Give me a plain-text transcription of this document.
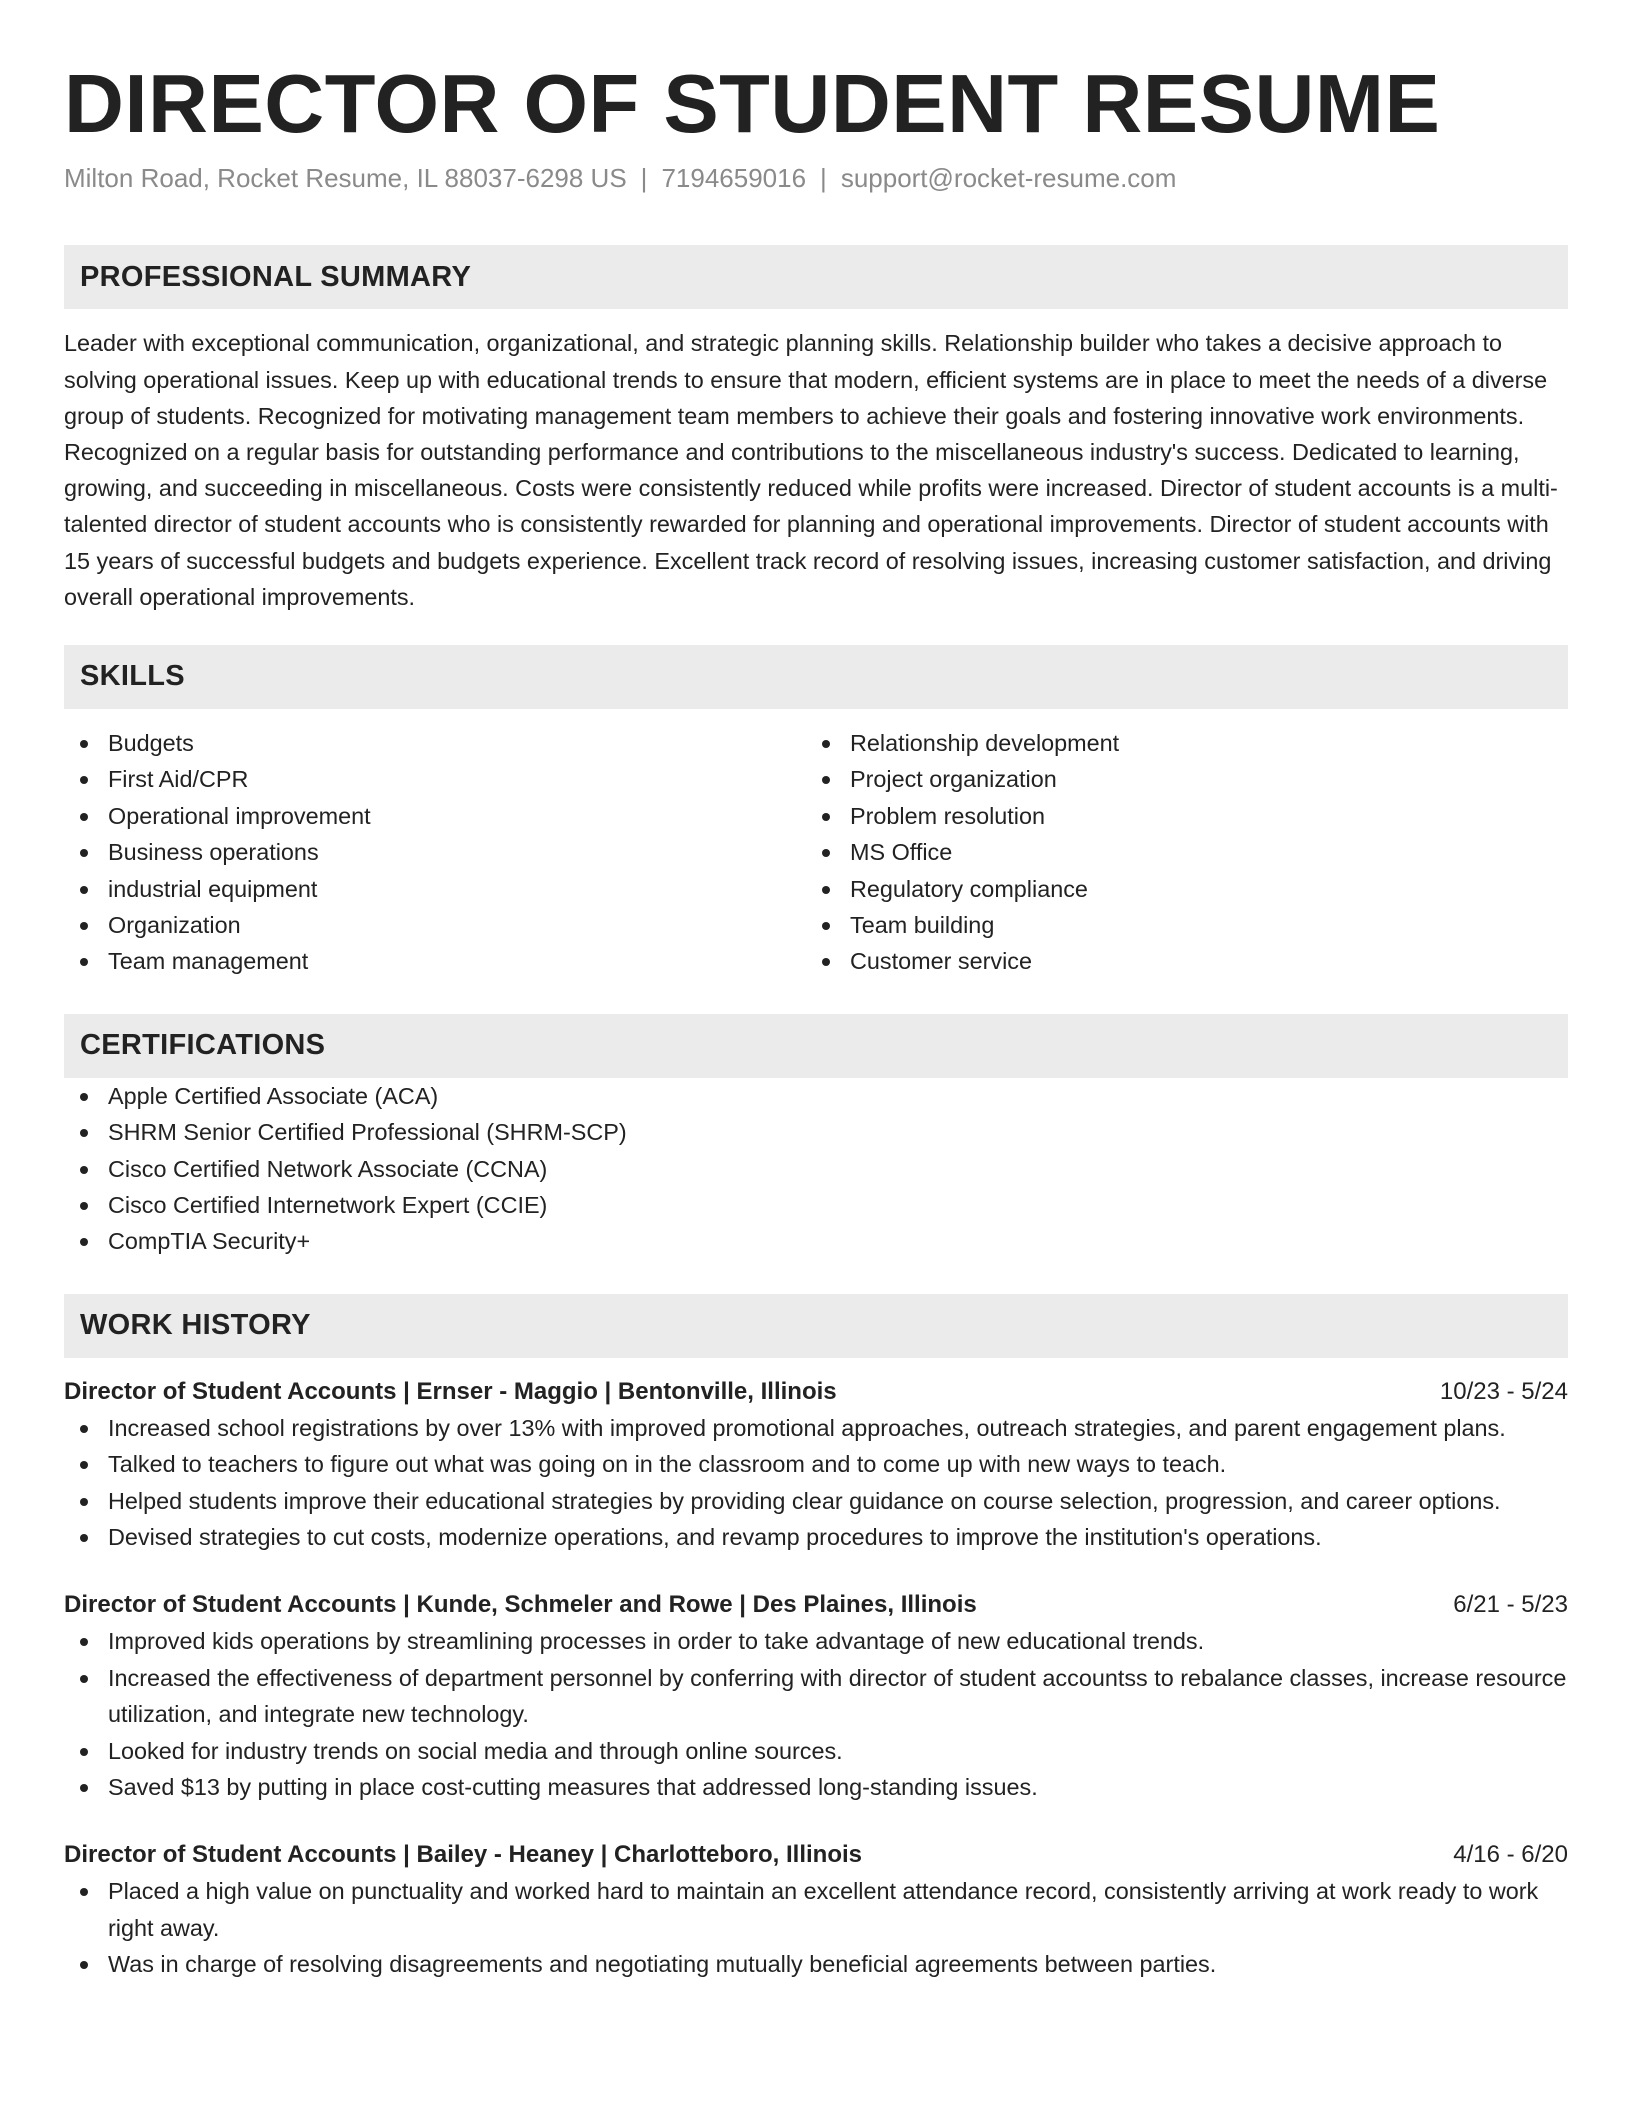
DIRECTOR OF STUDENT RESUME
Milton Road, Rocket Resume, IL 88037-6298 US | 7194659016 | support@rocket-resume.com
PROFESSIONAL SUMMARY
Leader with exceptional communication, organizational, and strategic planning skills. Relationship builder who takes a decisive approach to solving operational issues. Keep up with educational trends to ensure that modern, efficient systems are in place to meet the needs of a diverse group of students. Recognized for motivating management team members to achieve their goals and fostering innovative work environments. Recognized on a regular basis for outstanding performance and contributions to the miscellaneous industry's success. Dedicated to learning, growing, and succeeding in miscellaneous. Costs were consistently reduced while profits were increased. Director of student accounts is a multi-talented director of student accounts who is consistently rewarded for planning and operational improvements. Director of student accounts with 15 years of successful budgets and budgets experience. Excellent track record of resolving issues, increasing customer satisfaction, and driving overall operational improvements.
SKILLS
Budgets
First Aid/CPR
Operational improvement
Business operations
industrial equipment
Organization
Team management
Relationship development
Project organization
Problem resolution
MS Office
Regulatory compliance
Team building
Customer service
CERTIFICATIONS
Apple Certified Associate (ACA)
SHRM Senior Certified Professional (SHRM-SCP)
Cisco Certified Network Associate (CCNA)
Cisco Certified Internetwork Expert (CCIE)
CompTIA Security+
WORK HISTORY
Director of Student Accounts | Ernser - Maggio | Bentonville, Illinois	10/23 - 5/24
Increased school registrations by over 13% with improved promotional approaches, outreach strategies, and parent engagement plans.
Talked to teachers to figure out what was going on in the classroom and to come up with new ways to teach.
Helped students improve their educational strategies by providing clear guidance on course selection, progression, and career options.
Devised strategies to cut costs, modernize operations, and revamp procedures to improve the institution's operations.
Director of Student Accounts | Kunde, Schmeler and Rowe | Des Plaines, Illinois	6/21 - 5/23
Improved kids operations by streamlining processes in order to take advantage of new educational trends.
Increased the effectiveness of department personnel by conferring with director of student accountss to rebalance classes, increase resource utilization, and integrate new technology.
Looked for industry trends on social media and through online sources.
Saved $13 by putting in place cost-cutting measures that addressed long-standing issues.
Director of Student Accounts | Bailey - Heaney | Charlotteboro, Illinois	4/16 - 6/20
Placed a high value on punctuality and worked hard to maintain an excellent attendance record, consistently arriving at work ready to work right away.
Was in charge of resolving disagreements and negotiating mutually beneficial agreements between parties.
